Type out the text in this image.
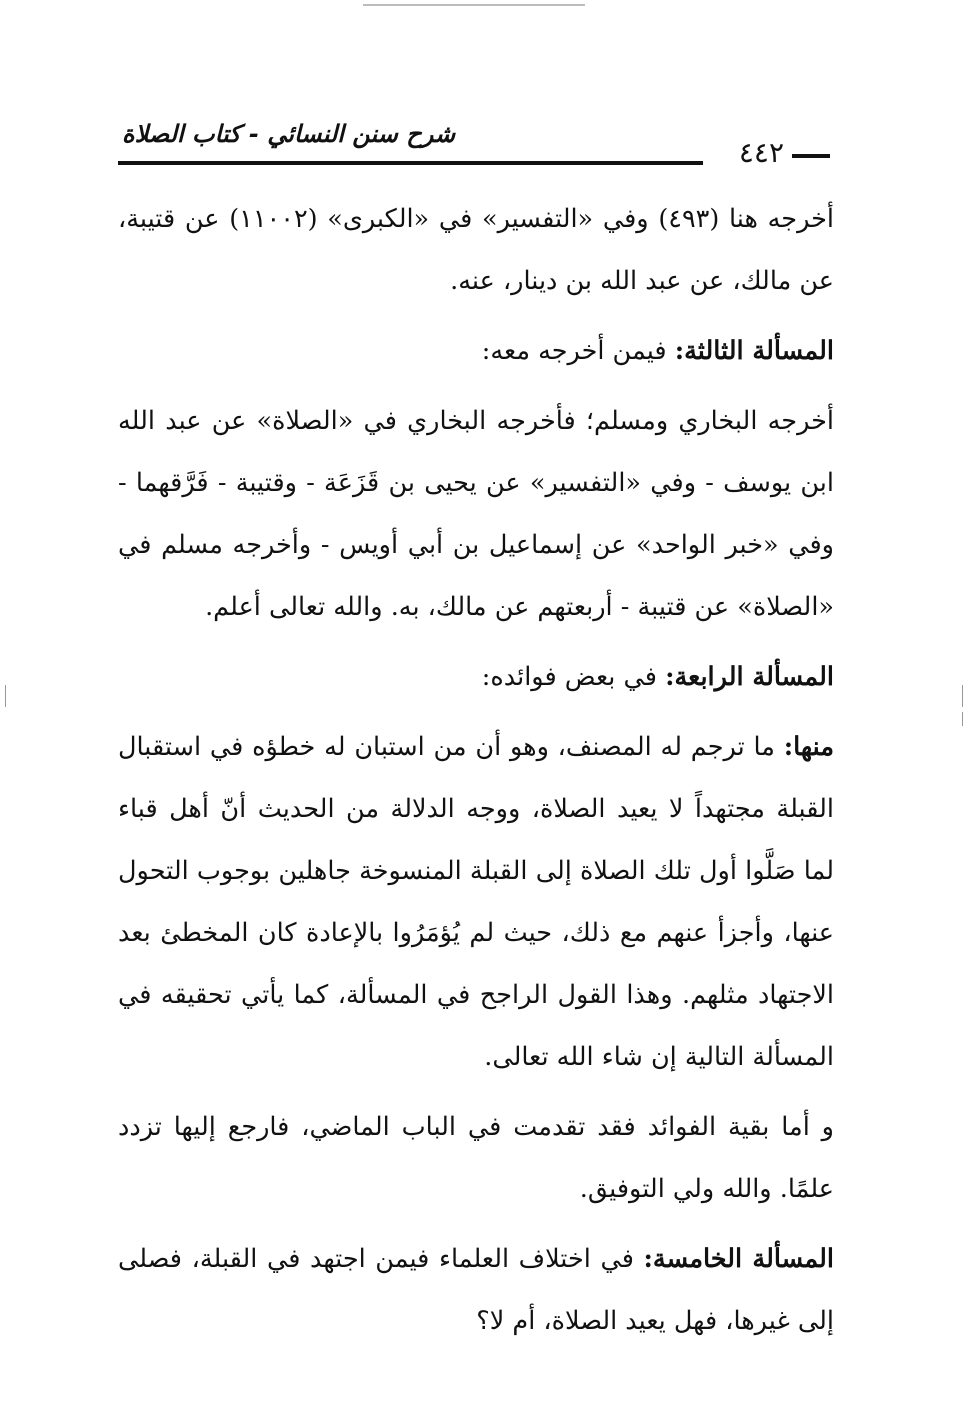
٤٤٢
شرح سنن النسائي - كتاب الصلاة

أخرجه هنا (٤٩٣) وفي «التفسير» في «الكبرى» (١١٠٠٢) عن قتيبة، عن مالك، عن عبد الله بن دينار، عنه.

المسألة الثالثة: فيمن أخرجه معه:

أخرجه البخاري ومسلم؛ فأخرجه البخاري في «الصلاة» عن عبد الله ابن يوسف - وفي «التفسير» عن يحيى بن قَزَعَة - وقتيبة - فَرَّقهما - وفي «خبر الواحد» عن إسماعيل بن أبي أويس - وأخرجه مسلم في «الصلاة» عن قتيبة - أربعتهم عن مالك، به. والله تعالى أعلم.

المسألة الرابعة: في بعض فوائده:

منها: ما ترجم له المصنف، وهو أن من استبان له خطؤه في استقبال القبلة مجتهداً لا يعيد الصلاة، ووجه الدلالة من الحديث أنّ أهل قباء لما صَلَّوا أول تلك الصلاة إلى القبلة المنسوخة جاهلين بوجوب التحول عنها، وأجزأ عنهم مع ذلك، حيث لم يُؤمَرُوا بالإعادة كان المخطئ بعد الاجتهاد مثلهم. وهذا القول الراجح في المسألة، كما يأتي تحقيقه في المسألة التالية إن شاء الله تعالى.

و أما بقية الفوائد فقد تقدمت في الباب الماضي، فارجع إليها تزدد علمًا. والله ولي التوفيق.

المسألة الخامسة: في اختلاف العلماء فيمن اجتهد في القبلة، فصلى إلى غيرها، فهل يعيد الصلاة، أم لا؟
